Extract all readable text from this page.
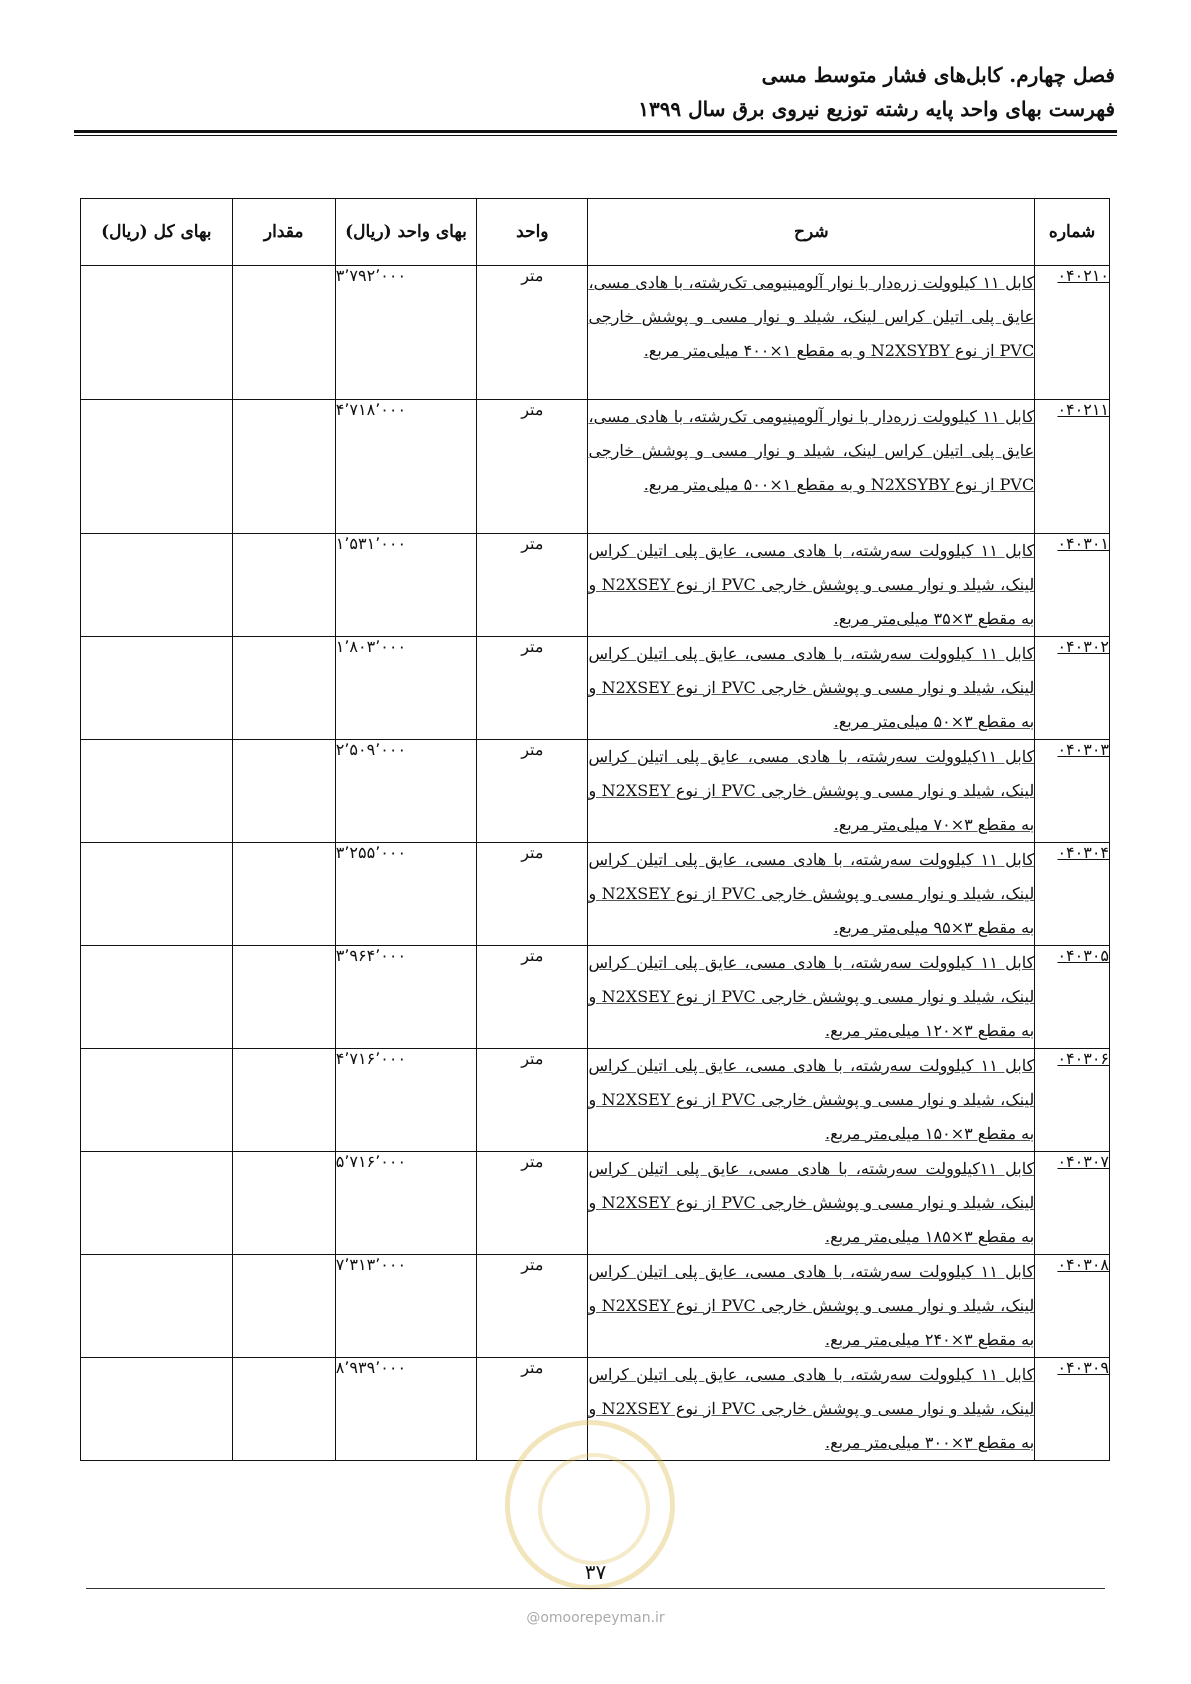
فصل چهارم. کابل‌های فشار متوسط مسی
فهرست بهای واحد پایه رشته توزیع نیروی برق سال ۱۳۹۹
شماره	شرح	واحد	بهای واحد (ریال)	مقدار	بهای کل (ریال)
۰۴۰۲۱۰	کابل ۱۱ کیلوولت زره‌دار با نوار آلومینیومی تک‌رشته، با هادی مسی، عایق پلی اتیلن کراس لینک، شیلد و نوار مسی و پوشش خارجی PVC از نوع N2XSYBY و به مقطع ۱×۴۰۰ میلی‌متر مربع.	متر	۳٬۷۹۲٬۰۰۰		
۰۴۰۲۱۱	کابل ۱۱ کیلوولت زره‌دار با نوار آلومینیومی تک‌رشته، با هادی مسی، عایق پلی اتیلن کراس لینک، شیلد و نوار مسی و پوشش خارجی PVC از نوع N2XSYBY و به مقطع ۱×۵۰۰ میلی‌متر مربع.	متر	۴٬۷۱۸٬۰۰۰		
۰۴۰۳۰۱	کابل ۱۱ کیلوولت سه‌رشته، با هادی مسی، عایق پلی اتیلن کراس لینک، شیلد و نوار مسی و پوشش خارجی PVC از نوع N2XSEY و به مقطع ۳×۳۵ میلی‌متر مربع.	متر	۱٬۵۳۱٬۰۰۰		
۰۴۰۳۰۲	کابل ۱۱ کیلوولت سه‌رشته، با هادی مسی، عایق پلی اتیلن کراس لینک، شیلد و نوار مسی و پوشش خارجی PVC از نوع N2XSEY و به مقطع ۳×۵۰ میلی‌متر مربع.	متر	۱٬۸۰۳٬۰۰۰		
۰۴۰۳۰۳	کابل ۱۱کیلوولت سه‌رشته، با هادی مسی، عایق پلی اتیلن کراس لینک، شیلد و نوار مسی و پوشش خارجی PVC از نوع N2XSEY و به مقطع ۳×۷۰ میلی‌متر مربع.	متر	۲٬۵۰۹٬۰۰۰		
۰۴۰۳۰۴	کابل ۱۱ کیلوولت سه‌رشته، با هادی مسی، عایق پلی اتیلن کراس لینک، شیلد و نوار مسی و پوشش خارجی PVC از نوع N2XSEY و به مقطع ۳×۹۵ میلی‌متر مربع.	متر	۳٬۲۵۵٬۰۰۰		
۰۴۰۳۰۵	کابل ۱۱ کیلوولت سه‌رشته، با هادی مسی، عایق پلی اتیلن کراس لینک، شیلد و نوار مسی و پوشش خارجی PVC از نوع N2XSEY و به مقطع ۳×۱۲۰ میلی‌متر مربع.	متر	۳٬۹۶۴٬۰۰۰		
۰۴۰۳۰۶	کابل ۱۱ کیلوولت سه‌رشته، با هادی مسی، عایق پلی اتیلن کراس لینک، شیلد و نوار مسی و پوشش خارجی PVC از نوع N2XSEY و به مقطع ۳×۱۵۰ میلی‌متر مربع.	متر	۴٬۷۱۶٬۰۰۰		
۰۴۰۳۰۷	کابل ۱۱کیلوولت سه‌رشته، با هادی مسی، عایق پلی اتیلن کراس لینک، شیلد و نوار مسی و پوشش خارجی PVC از نوع N2XSEY و به مقطع ۳×۱۸۵ میلی‌متر مربع.	متر	۵٬۷۱۶٬۰۰۰		
۰۴۰۳۰۸	کابل ۱۱ کیلوولت سه‌رشته، با هادی مسی، عایق پلی اتیلن کراس لینک، شیلد و نوار مسی و پوشش خارجی PVC از نوع N2XSEY و به مقطع ۳×۲۴۰ میلی‌متر مربع.	متر	۷٬۳۱۳٬۰۰۰		
۰۴۰۳۰۹	کابل ۱۱ کیلوولت سه‌رشته، با هادی مسی، عایق پلی اتیلن کراس لینک، شیلد و نوار مسی و پوشش خارجی PVC از نوع N2XSEY و به مقطع ۳×۳۰۰ میلی‌متر مربع.	متر	۸٬۹۳۹٬۰۰۰		
۳۷
@omoorepeyman.ir
